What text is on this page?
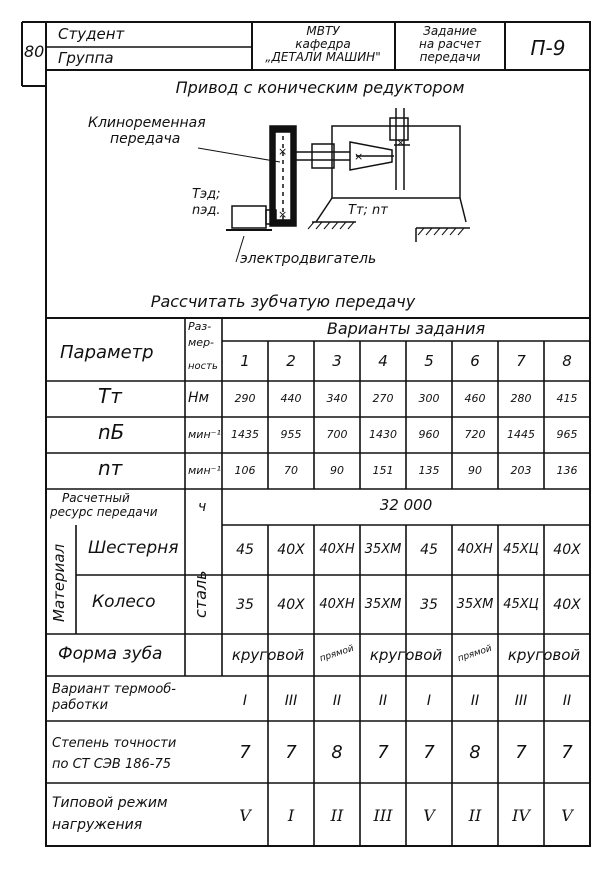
×
×
×
×
80
Студент
Группа
МВТУ
кафедра
„ДЕТАЛИ МАШИН"
Задание
на расчет
передачи	П-9
Привод с коническим редуктором
Клиноременная
передача
Тэд;
nэд.	Тт; nт
электродвигатель
Рассчитать зубчатую передачу
Параметр
Раз-
мер-
ность
Варианты задания
1 2 3 4 5 6 7 8
Тт	Нм 290 440 340 270 300 460 280 415
nБ	мин⁻¹ 1435 955 700 1430 960 720 1445 965
nт	мин⁻¹ 106	70	90	151 135	90	203 136
Расчетный
ресурс передачи	ч	32 000
Материал	сталь
Шестерня
Колесо
45 40Х 40ХН 35ХМ 45 40ХН 45ХЦ 40Х
35 40Х 40ХН 35ХМ 35 35ХМ 45ХЦ 40Х
Форма зуба	круговой прямой круговой прямой круговой
Вариант термооб-
работки	I	III	II	II	I	II	III	II
Степень точности
по СТ СЭВ 186-75
7 7 8 7 7 8 7 7
Типовой режим
нагружения	V I II III V II IV V
